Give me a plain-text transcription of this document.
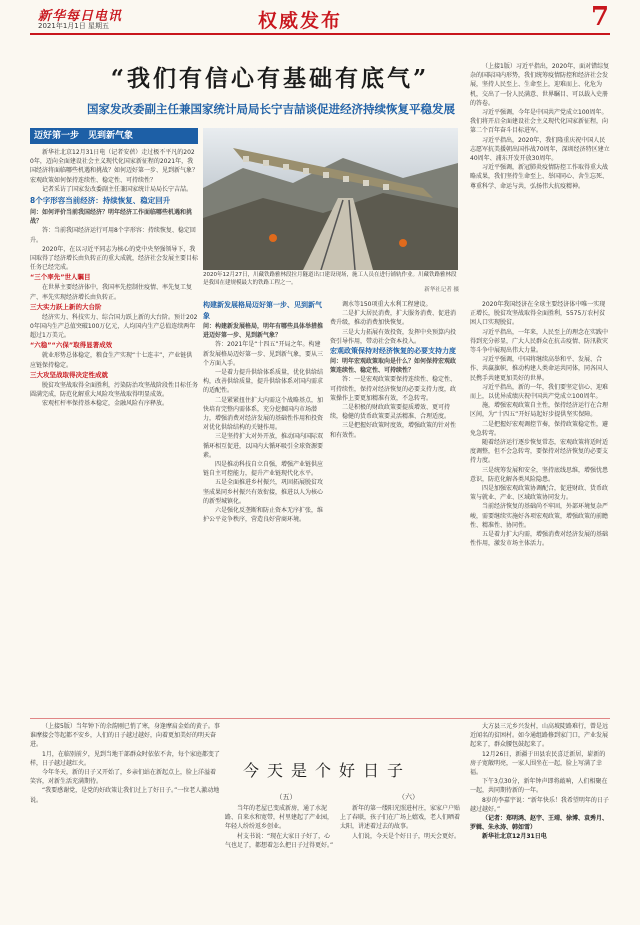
新华每日电讯
2021年1月1日 星期五	权威发布	7
“我们有信心有基础有底气”
国家发改委副主任兼国家统计局局长宁吉喆谈促进经济持续恢复平稳发展
迈好第一步　见到新气象

新华社北京12月31日电（记者安蓓）走过极不平凡的2020年，迈向全面建设社会主义现代化国家新征程的2021年，我国经济将面临哪些机遇和挑战？如何迈好第一步、见到新气象？宏观政策如何保持连续性、稳定性、可持续性？

记者采访了国家发改委副主任兼国家统计局局长宁吉喆。

8个字形容当前经济：持续恢复、稳定回升

问：如何评价当前我国经济？明年经济工作面临哪些机遇和挑战？

答：当前我国经济运行可用8个字形容：持续恢复、稳定回升。

2020年，在以习近平同志为核心的党中央坚强领导下，我国取得了经济增长由负转正的重大成就，经济社会发展主要目标任务已经完成。

“三个率先”世人瞩目

在世界主要经济体中，我国率先控制住疫情、率先复工复产、率先实现经济增长由负转正。

三大实力跃上新的大台阶

经济实力、科技实力、综合国力跃上新的大台阶。预计2020年国内生产总值突破100万亿元，人均国内生产总值连续两年超过1万美元。

“六稳”“六保”取得显著成效

就业形势总体稳定，粮食生产实现“十七连丰”，产业链供应链保持稳定。

三大攻坚战取得决定性成就

脱贫攻坚战取得全面胜利，污染防治攻坚战阶段性目标任务圆满完成，防范化解重大风险攻坚战取得明显成效。

宏观杠杆率保持基本稳定，金融风险有序释放。

2020年12月27日，川藏铁路雅林段拉月隧道出口建设现场，施工人员在进行铺轨作业。川藏铁路雅林段是我国在建规模最大的铁路工程之一。
新华社记者 摄

构建新发展格局迈好第一步、见到新气象

问：构建新发展格局，明年有哪些具体举措推进迈好第一步、见到新气象？

答：2021年是“十四五”开局之年。构建新发展格局迈好第一步、见到新气象，要从三个方面入手。

一是着力提升供给体系质量，优化供给结构，改善供给质量，提升供给体系对国内需求的适配性。

二是紧紧扭住扩大内需这个战略基点，加快培育完整内需体系，充分挖掘国内市场潜力，增强消费对经济发展的基础性作用和投资对优化供给结构的关键作用。

三是坚持扩大对外开放，推动国内国际双循环相互促进，以国内大循环吸引全球资源要素。

四是推动科技自立自强，增强产业链供应链自主可控能力，提升产业链现代化水平。

五是全面推进乡村振兴，巩固拓展脱贫攻坚成果同乡村振兴有效衔接，推进以人为核心的新型城镇化。

六是强化反垄断和防止资本无序扩张，维护公平竞争秩序，营造良好营商环境。

调水等150项重大水利工程建设。

二是扩大居民消费，扩大服务消费、促进消费升级，推动消费加快恢复。

三是大力拓展有效投资，发挥中央预算内投资引导作用，带动社会资本投入。

宏观政策保持对经济恢复的必要支持力度

问：明年宏观政策取向是什么？如何保持宏观政策连续性、稳定性、可持续性？

答：一是宏观政策要保持连续性、稳定性、可持续性，保持对经济恢复的必要支持力度，政策操作上要更加精准有效，不急转弯。

二是积极的财政政策要提质增效、更可持续，稳健的货币政策要灵活精准、合理适度。

三是把握好政策时度效，增强政策的针对性和有效性。

（上接1版）习近平指出，2020年，面对错综复杂的国际国内形势，我们统筹疫情防控和经济社会发展，坚持人民至上、生命至上，迎难而上、化危为机，交出了一份人民满意、世界瞩目、可以载入史册的答卷。

习近平强调，今年是中国共产党成立100周年。我们将开启全面建设社会主义现代化国家新征程，向第二个百年奋斗目标进军。

习近平指出，2020年，我们隆重庆祝中国人民志愿军抗美援朝出国作战70周年，深圳经济特区建立40周年、浦东开发开放30周年。

习近平强调，新冠肺炎疫情防控工作取得重大战略成果，我们坚持生命至上、举国同心、舍生忘死、尊重科学、命运与共，弘扬伟大抗疫精神。

2020年我国经济在全球主要经济体中唯一实现正增长，脱贫攻坚战取得全面胜利，5575万农村贫困人口实现脱贫。

习近平指出，一年来，人民至上的理念在实践中得到充分彰显，广大人民群众在抗击疫情、防汛救灾等斗争中展现出伟大力量。

习近平强调，中国将继续高举和平、发展、合作、共赢旗帜，推动构建人类命运共同体，同各国人民携手共建更加美好的世界。

习近平指出，新的一年，我们要坚定信心、迎难而上，以优异成绩庆祝中国共产党成立100周年。

施，增强宏观政策自主性，保持经济运行在合理区间，为“十四五”开好局起好步提供坚实保障。

二是把握好宏观调控节奏，保持政策稳定性，避免急转弯。

随着经济运行逐步恢复常态，宏观政策将适时适度调整，但不会急转弯，要保持对经济恢复的必要支持力度。

三是统筹发展和安全，坚持底线思维，增强忧患意识，防范化解各类风险隐患。

四是加强宏观政策协调配合，促进财政、货币政策与就业、产业、区域政策协同发力。

当前经济恢复的基础尚不牢固，外部环境复杂严峻，需要继续实施好各项宏观政策，增强政策的前瞻性、精准性、协同性。

五是着力扩大内需，增强消费对经济发展的基础性作用，激发市场主体活力。

（上接5版）当年钟下的余韵刚已悄了寒，身逢摩肩金始的黄子。事谁摩接会等起都不安乡，人们的日子越过越好，向着更加美好的明天奋进。

1月，在临别前夕，见到当地干部群众时依依不舍，每个家庭都变了样，日子越过越红火。

今年冬天，新的日子又开始了，乡亲们站在新起点上，脸上洋溢着笑容，对新生活充满期待。

“我要感谢党，是党的好政策让我们过上了好日子。”一位老人激动地说。

今天是个好日子

（五）

当年的老屋已变成新房，通了水泥路、自来水和宽带，村里建起了产业园，年轻人纷纷返乡创业。

村支书说：“现在大家日子好了，心气也足了，都想着怎么把日子过得更好。”

（六）

新年的第一缕阳光照进村庄，家家户户贴上了春联，孩子们在广场上嬉戏，老人们晒着太阳，讲述着过去的故事。

人们说，今天是个好日子，明天会更好。

大方县三元乡兴发村，山高坡陡路难行，曾是远近闻名的贫困村。如今通组路修到家门口，产业发展起来了，群众腰包鼓起来了。

12月26日，新疆于田县农民喜迁新居，崭新的房子宽敞明亮，一家人围坐在一起，脸上写满了幸福。

下午3点30分，新年钟声即将敲响，人们相聚在一起，共同期待新的一年。

8岁的李嘉宇说：“新年快乐！我希望明年的日子越过越好。”

（记者：郑明鸿、赵宇、王靖、徐博、袁秀月、罗辑、朱永涛、韩如雪）

新华社北京12月31日电
